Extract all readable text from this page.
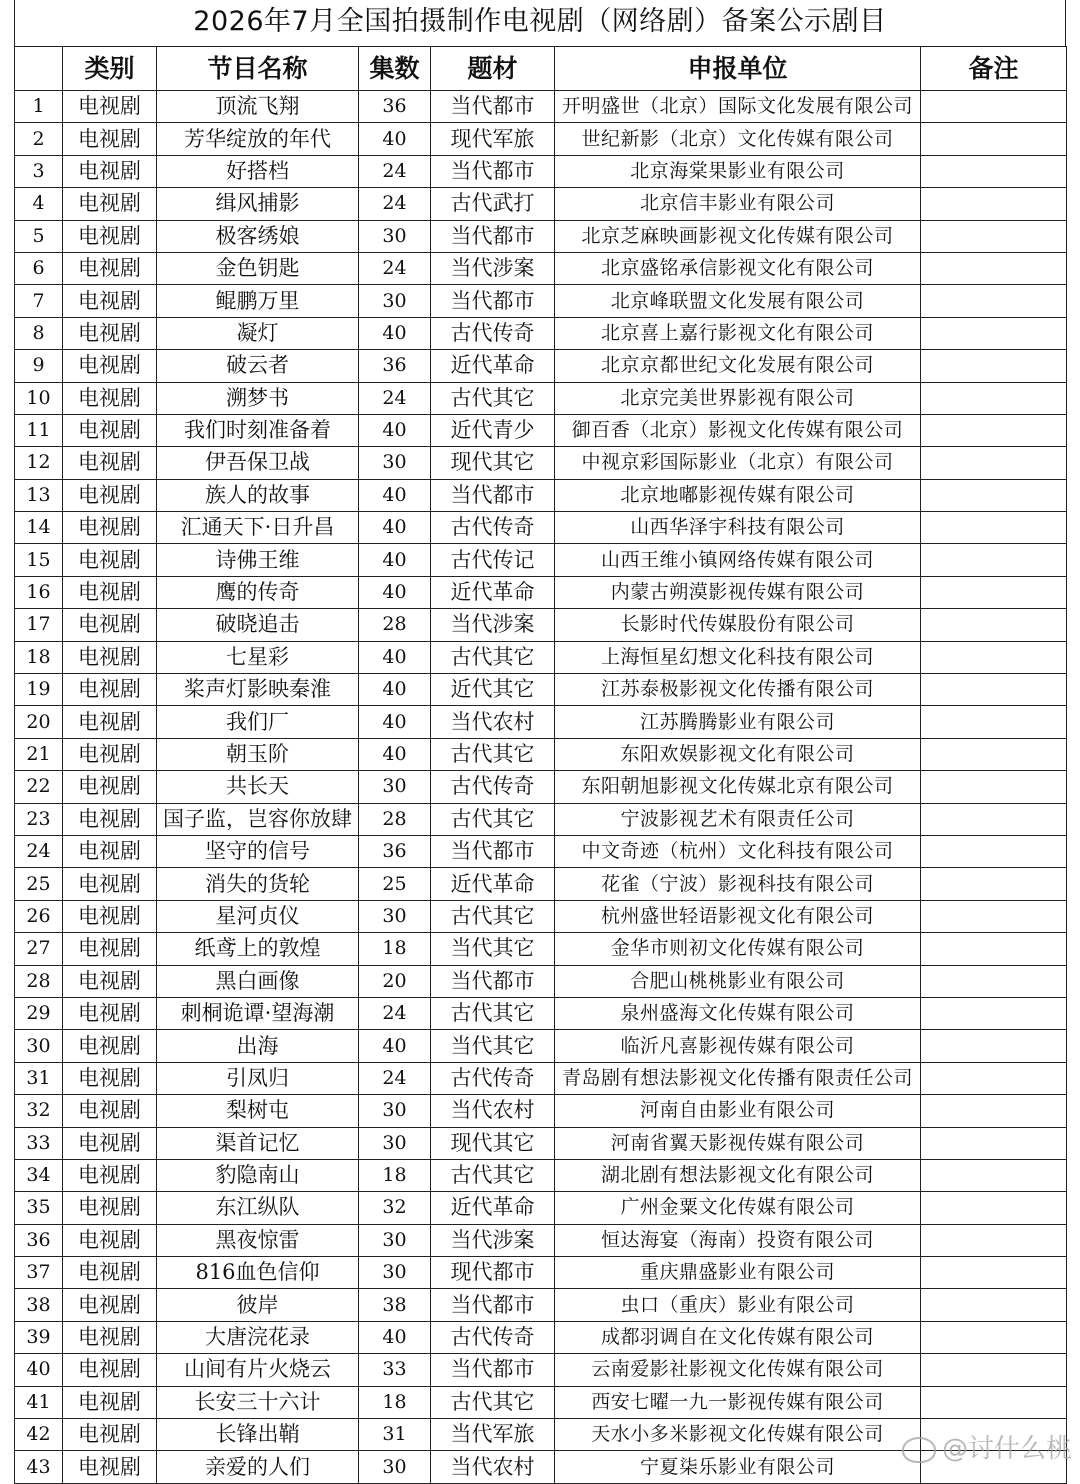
2026年7月全国拍摄制作电视剧（网络剧）备案公示剧目
	类别	节目名称	集数	题材	申报单位	备注
1	电视剧	顶流飞翔	36	当代都市	开明盛世（北京）国际文化发展有限公司	
2	电视剧	芳华绽放的年代	40	现代军旅	世纪新影（北京）文化传媒有限公司	
3	电视剧	好搭档	24	当代都市	北京海棠果影业有限公司	
4	电视剧	缉风捕影	24	古代武打	北京信丰影业有限公司	
5	电视剧	极客绣娘	30	当代都市	北京芝麻映画影视文化传媒有限公司	
6	电视剧	金色钥匙	24	当代涉案	北京盛铭承信影视文化有限公司	
7	电视剧	鲲鹏万里	30	当代都市	北京峰联盟文化发展有限公司	
8	电视剧	凝灯	40	古代传奇	北京喜上嘉行影视文化有限公司	
9	电视剧	破云者	36	近代革命	北京京都世纪文化发展有限公司	
10	电视剧	溯梦书	24	古代其它	北京完美世界影视有限公司	
11	电视剧	我们时刻准备着	40	近代青少	御百香（北京）影视文化传媒有限公司	
12	电视剧	伊吾保卫战	30	现代其它	中视京彩国际影业（北京）有限公司	
13	电视剧	族人的故事	40	当代都市	北京地嘟影视传媒有限公司	
14	电视剧	汇通天下·日升昌	40	古代传奇	山西华泽宇科技有限公司	
15	电视剧	诗佛王维	40	古代传记	山西王维小镇网络传媒有限公司	
16	电视剧	鹰的传奇	40	近代革命	内蒙古朔漠影视传媒有限公司	
17	电视剧	破晓追击	28	当代涉案	长影时代传媒股份有限公司	
18	电视剧	七星彩	40	古代其它	上海恒星幻想文化科技有限公司	
19	电视剧	桨声灯影映秦淮	40	近代其它	江苏泰极影视文化传播有限公司	
20	电视剧	我们厂	40	当代农村	江苏腾腾影业有限公司	
21	电视剧	朝玉阶	40	古代其它	东阳欢娱影视文化有限公司	
22	电视剧	共长天	30	古代传奇	东阳朝旭影视文化传媒北京有限公司	
23	电视剧	国子监，岂容你放肆	28	古代其它	宁波影视艺术有限责任公司	
24	电视剧	坚守的信号	36	当代都市	中文奇迹（杭州）文化科技有限公司	
25	电视剧	消失的货轮	25	近代革命	花雀（宁波）影视科技有限公司	
26	电视剧	星河贞仪	30	古代其它	杭州盛世轻语影视文化有限公司	
27	电视剧	纸鸢上的敦煌	18	当代其它	金华市则初文化传媒有限公司	
28	电视剧	黑白画像	20	当代都市	合肥山桃桃影业有限公司	
29	电视剧	刺桐诡谭·望海潮	24	古代其它	泉州盛海文化传媒有限公司	
30	电视剧	出海	40	当代其它	临沂凡喜影视传媒有限公司	
31	电视剧	引凤归	24	古代传奇	青岛剧有想法影视文化传播有限责任公司	
32	电视剧	梨树屯	30	当代农村	河南自由影业有限公司	
33	电视剧	渠首记忆	30	现代其它	河南省翼天影视传媒有限公司	
34	电视剧	豹隐南山	18	古代其它	湖北剧有想法影视文化有限公司	
35	电视剧	东江纵队	32	近代革命	广州金粟文化传媒有限公司	
36	电视剧	黑夜惊雷	30	当代涉案	恒达海宴（海南）投资有限公司	
37	电视剧	816血色信仰	30	现代都市	重庆鼎盛影业有限公司	
38	电视剧	彼岸	38	当代都市	虫口（重庆）影业有限公司	
39	电视剧	大唐浣花录	40	古代传奇	成都羽调自在文化传媒有限公司	
40	电视剧	山间有片火烧云	33	当代都市	云南爱影社影视文化传媒有限公司	
41	电视剧	长安三十六计	18	古代其它	西安七曜一九一影视传媒有限公司	
42	电视剧	长锋出鞘	31	当代军旅	天水小多米影视文化传媒有限公司	
43	电视剧	亲爱的人们	30	当代农村	宁夏柒乐影业有限公司	
@讨什么桃
